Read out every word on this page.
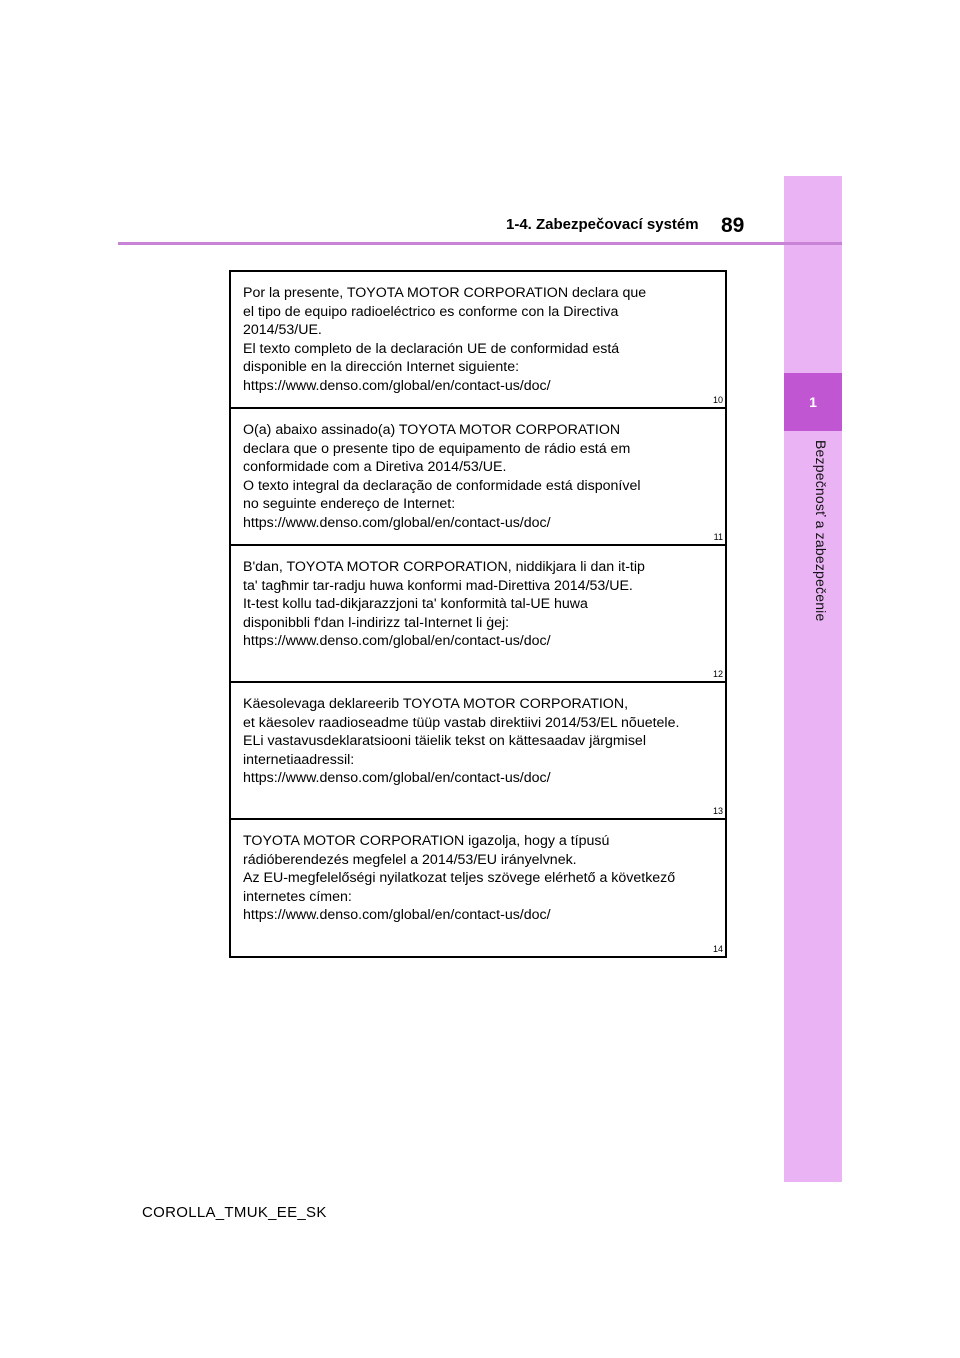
1
Bezpečnosť a zabezpečenie
1-4. Zabezpečovací systém 89

Por la presente, TOYOTA MOTOR CORPORATION declara que
el tipo de equipo radioeléctrico es conforme con la Directiva
2014/53/UE.
El texto completo de la declaración UE de conformidad está
disponible en la dirección Internet siguiente:
https://www.denso.com/global/en/contact-us/doc/

10

O(a) abaixo assinado(a) TOYOTA MOTOR CORPORATION
declara que o presente tipo de equipamento de rádio está em
conformidade com a Diretiva 2014/53/UE.
O texto integral da declaração de conformidade está disponível
no seguinte endereço de Internet:
https://www.denso.com/global/en/contact-us/doc/

11

B'dan, TOYOTA MOTOR CORPORATION, niddikjara li dan it-tip
ta' tagħmir tar-radju huwa konformi mad-Direttiva 2014/53/UE.
It-test kollu tad-dikjarazzjoni ta' konformità tal-UE huwa
disponibbli f'dan l-indirizz tal-Internet li ġej:
https://www.denso.com/global/en/contact-us/doc/

12

Käesolevaga deklareerib TOYOTA MOTOR CORPORATION,
et käesolev raadioseadme tüüp vastab direktiivi 2014/53/EL nõuetele.
ELi vastavusdeklaratsiooni täielik tekst on kättesaadav järgmisel
internetiaadressil:
https://www.denso.com/global/en/contact-us/doc/

13

TOYOTA MOTOR CORPORATION igazolja, hogy a típusú
rádióberendezés megfelel a 2014/53/EU irányelvnek.
Az EU-megfelelőségi nyilatkozat teljes szövege elérhető a következő
internetes címen:
https://www.denso.com/global/en/contact-us/doc/

14
COROLLA_TMUK_EE_SK
